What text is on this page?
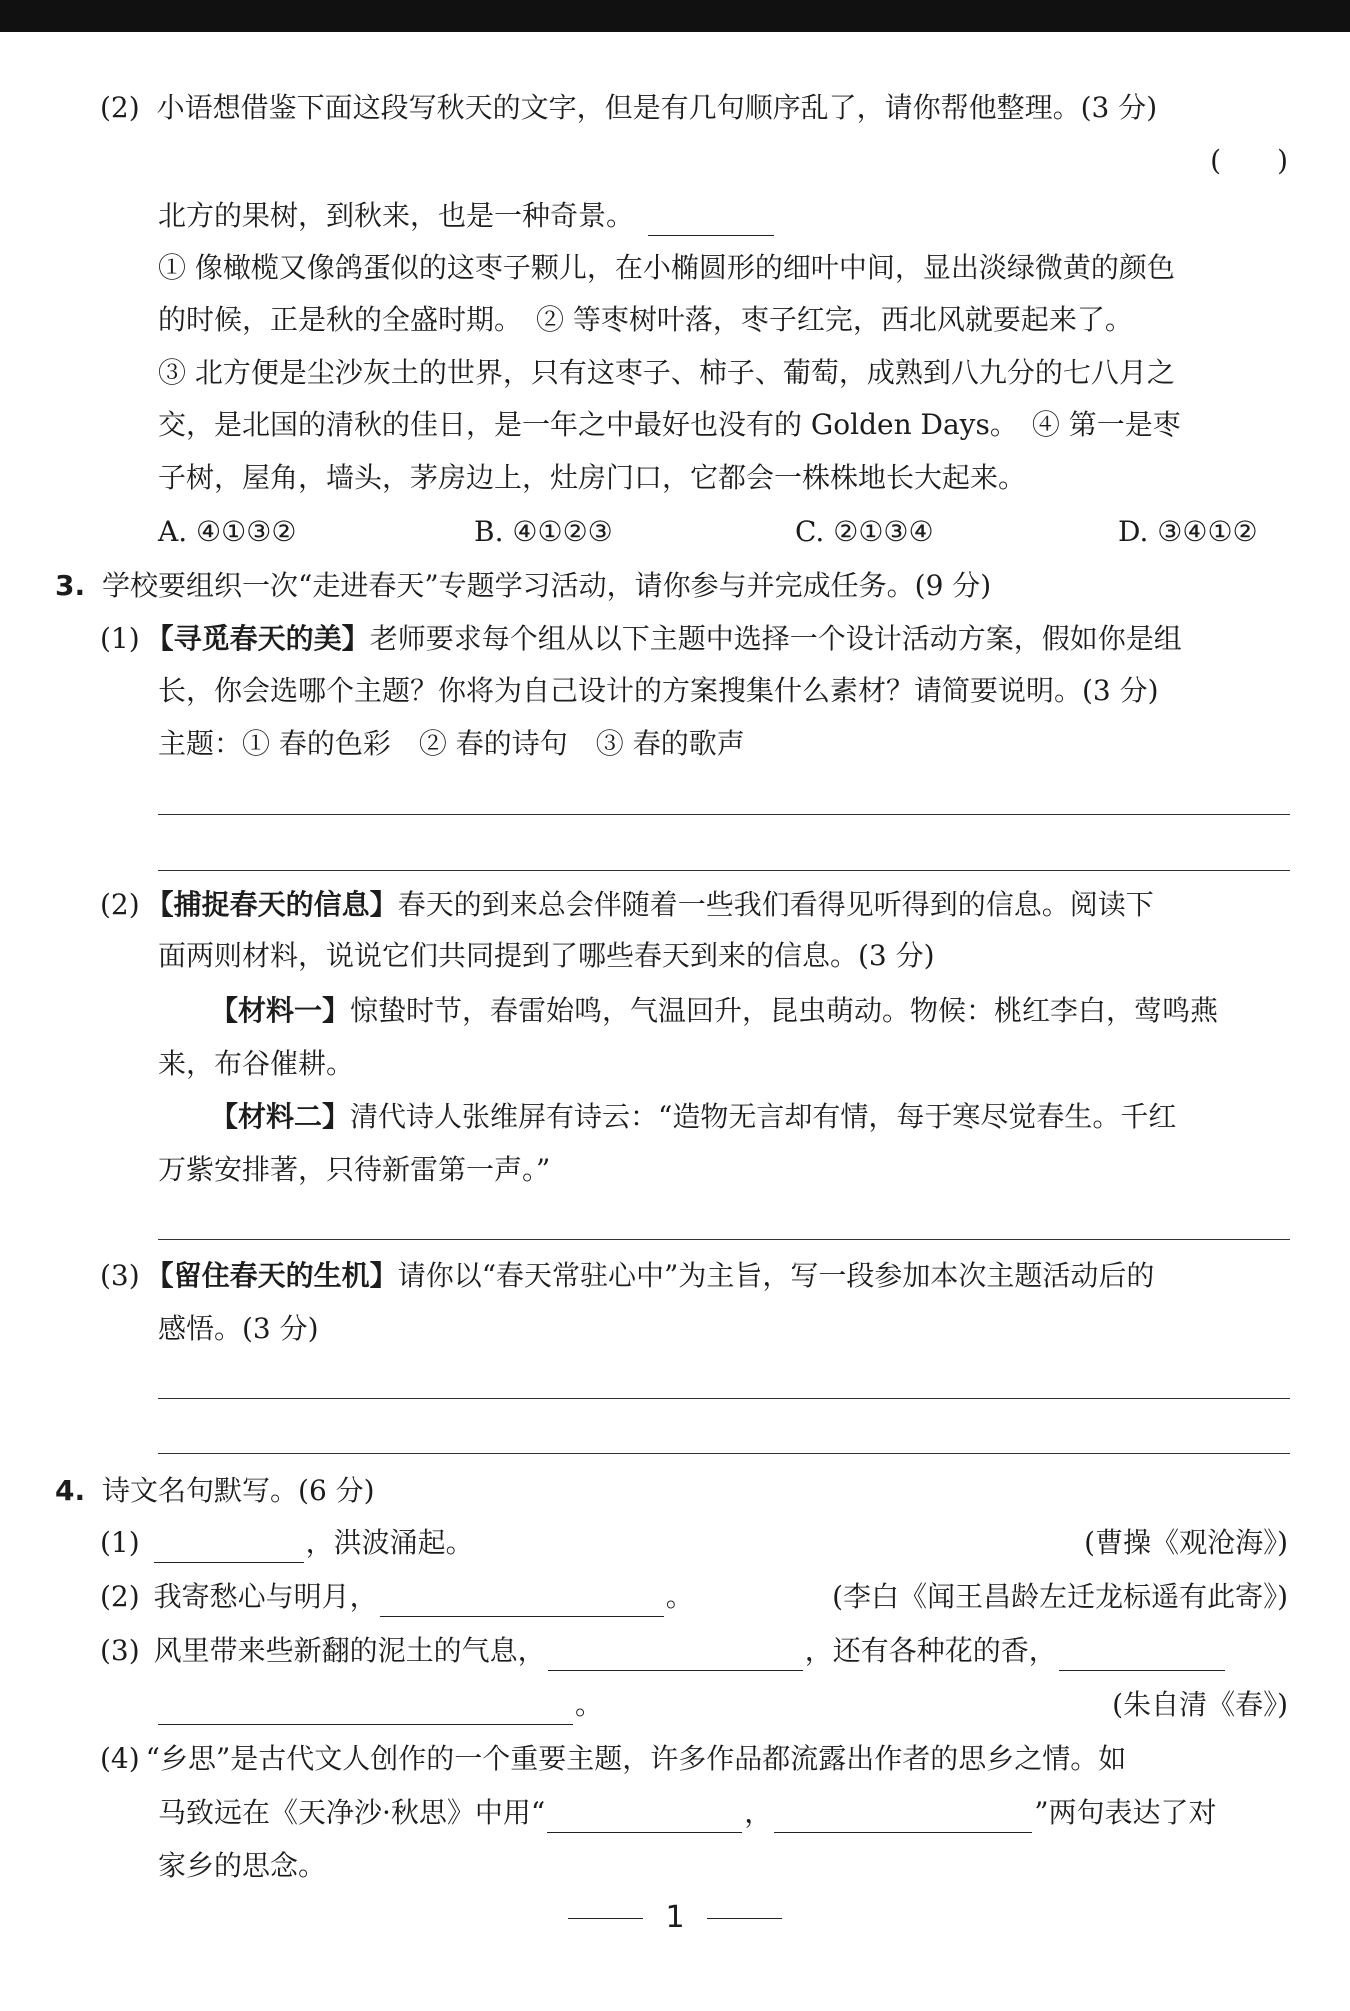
(2) 小语想借鉴下面这段写秋天的文字，但是有几句顺序乱了，请你帮他整理。(3 分)
(　　)
北方的果树，到秋来，也是一种奇景。
① 像橄榄又像鸽蛋似的这枣子颗儿，在小椭圆形的细叶中间，显出淡绿微黄的颜色
的时候，正是秋的全盛时期。　② 等枣树叶落，枣子红完，西北风就要起来了。
③ 北方便是尘沙灰土的世界，只有这枣子、柿子、葡萄，成熟到八九分的七八月之
交，是北国的清秋的佳日，是一年之中最好也没有的 Golden Days。　④ 第一是枣
子树，屋角，墙头，茅房边上，灶房门口，它都会一株株地长大起来。
A. ④①③②	B. ④①②③	C. ②①③④	D. ③④①②
3. 学校要组织一次“走进春天”专题学习活动，请你参与并完成任务。(9 分)
(1) 【寻觅春天的美】老师要求每个组从以下主题中选择一个设计活动方案，假如你是组
长，你会选哪个主题？你将为自己设计的方案搜集什么素材？请简要说明。(3 分)
主题：① 春的色彩　② 春的诗句　③ 春的歌声
(2) 【捕捉春天的信息】春天的到来总会伴随着一些我们看得见听得到的信息。阅读下
面两则材料，说说它们共同提到了哪些春天到来的信息。(3 分)
【材料一】惊蛰时节，春雷始鸣，气温回升，昆虫萌动。物候：桃红李白，莺鸣燕
来，布谷催耕。
【材料二】清代诗人张维屏有诗云：“造物无言却有情，每于寒尽觉春生。千红
万紫安排著，只待新雷第一声。”
(3) 【留住春天的生机】请你以“春天常驻心中”为主旨，写一段参加本次主题活动后的
感悟。(3 分)
4. 诗文名句默写。(6 分)
(1)	，洪波涌起。	(曹操《观沧海》)
(2) 我寄愁心与明月，	。	(李白《闻王昌龄左迁龙标遥有此寄》)
(3) 风里带来些新翻的泥土的气息，	，还有各种花的香，
。	(朱自清《春》)
(4) “乡思”是古代文人创作的一个重要主题，许多作品都流露出作者的思乡之情。如
马致远在《天净沙·秋思》中用“	，	”两句表达了对
家乡的思念。
1
